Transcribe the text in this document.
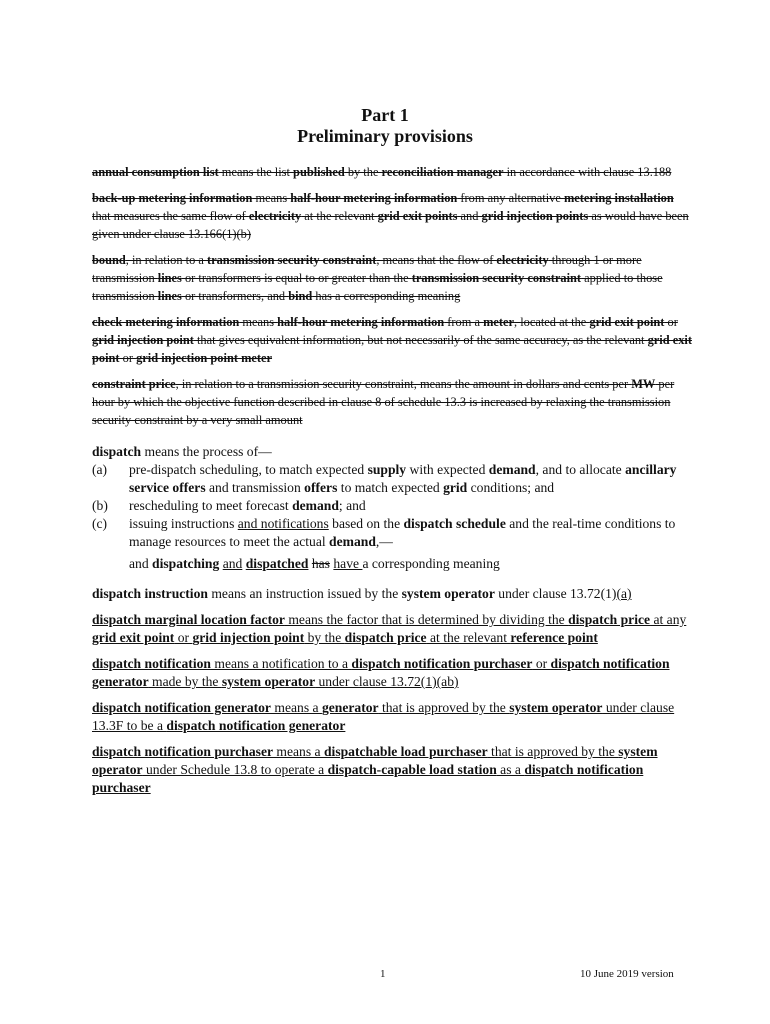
Part 1
Preliminary provisions

annual consumption list means the list published by the reconciliation manager in accordance with clause 13.188

back-up metering information means half-hour metering information from any alternative metering installation that measures the same flow of electricity at the relevant grid exit points and grid injection points as would have been given under clause 13.166(1)(b)

bound, in relation to a transmission security constraint, means that the flow of electricity through 1 or more transmission lines or transformers is equal to or greater than the transmission security constraint applied to those transmission lines or transformers, and bind has a corresponding meaning

check metering information means half-hour metering information from a meter, located at the grid exit point or grid injection point that gives equivalent information, but not necessarily of the same accuracy, as the relevant grid exit point or grid injection point meter

constraint price, in relation to a transmission security constraint, means the amount in dollars and cents per MW per hour by which the objective function described in clause 8 of schedule 13.3 is increased by relaxing the transmission security constraint by a very small amount

dispatch means the process of—

(a)	pre-dispatch scheduling, to match expected supply with expected demand, and to allocate ancillary service offers and transmission offers to match expected grid conditions; and
(b)	rescheduling to meet forecast demand; and
(c)	issuing instructions and notifications based on the dispatch schedule and the real-time conditions to manage resources to meet the actual demand,—

and dispatching and dispatched has have a corresponding meaning

dispatch instruction means an instruction issued by the system operator under clause 13.72(1)(a)

dispatch marginal location factor means the factor that is determined by dividing the dispatch price at any grid exit point or grid injection point by the dispatch price at the relevant reference point

dispatch notification means a notification to a dispatch notification purchaser or dispatch notification generator made by the system operator under clause 13.72(1)(ab)

dispatch notification generator means a generator that is approved by the system operator under clause 13.3F to be a dispatch notification generator

dispatch notification purchaser means a dispatchable load purchaser that is approved by the system operator under Schedule 13.8 to operate a dispatch-capable load station as a dispatch notification purchaser

1	10 June 2019 version
